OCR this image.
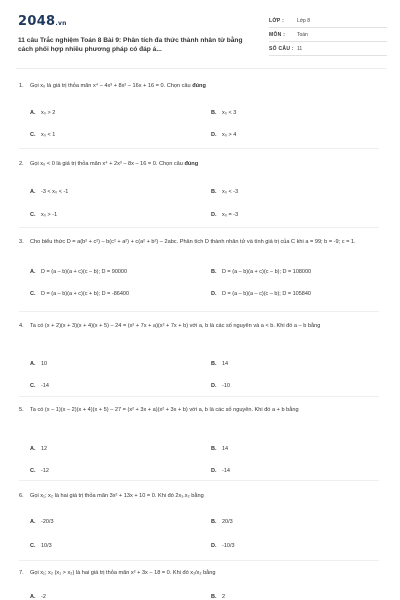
2048.vn
11 câu Trắc nghiệm Toán 8 Bài 9: Phân tích đa thức thành nhân tử bằng cách phối hợp nhiều phương pháp có đáp á...
LỚP :	Lớp 8
MÔN : Toán
SỐ CÂU : 11
1. Gọi x₀ là giá trị thỏa mãn x⁴ – 4x³ + 8x² – 16x + 16 = 0. Chọn câu đúng
A. x₀ > 2	B. x₀ < 3
C. x₀ < 1	D. x₀ > 4
2. Gọi x₀ < 0 là giá trị thỏa mãn x⁴ + 2x³ – 8x – 16 = 0. Chọn câu đúng
A. -3 < x₀ < -1	B. x₀ < -3
C. x₀ > -1	D. x₀ = -3
3. Cho biểu thức D = a(b² + c²) – b(c² + a²) + c(a² + b²) – 2abc. Phân tích D thành nhân tử và tính giá trị của C khi a = 99; b = -9; c = 1.
A. D = (a – b)(a + c)(c – b); D = 90000	B. D = (a – b)(a + c)(c – b); D = 108000
C. D = (a – b)(a + c)(c + b); D = -86400	D. D = (a – b)(a – c)(c – b); D = 105840
4. Ta có (x + 2)(x + 3)(x + 4)(x + 5) – 24 = (x² + 7x + a)(x² + 7x + b) với a, b là các số nguyên và a < b. Khi đó a – b bằng
A. 10	B. 14
C. -14	D. -10
5. Ta có (x – 1)(x – 2)(x + 4)(x + 5) – 27 = (x² + 3x + a)(x² + 3x + b) với a, b là các số nguyên. Khi đó a + b bằng
A. 12	B. 14
C. -12	D. -14
6. Gọi x₁; x₂ là hai giá trị thỏa mãn 3x² + 13x + 10 = 0. Khi đó 2x₁.x₂ bằng
A. -20/3	B. 20/3
C. 10/3	D. -10/3
7. Gọi x₁; x₂ (x₁ > x₂) là hai giá trị thỏa mãn x² + 3x – 18 = 0. Khi đó x₁/x₂ bằng
A. -2	B. 2
